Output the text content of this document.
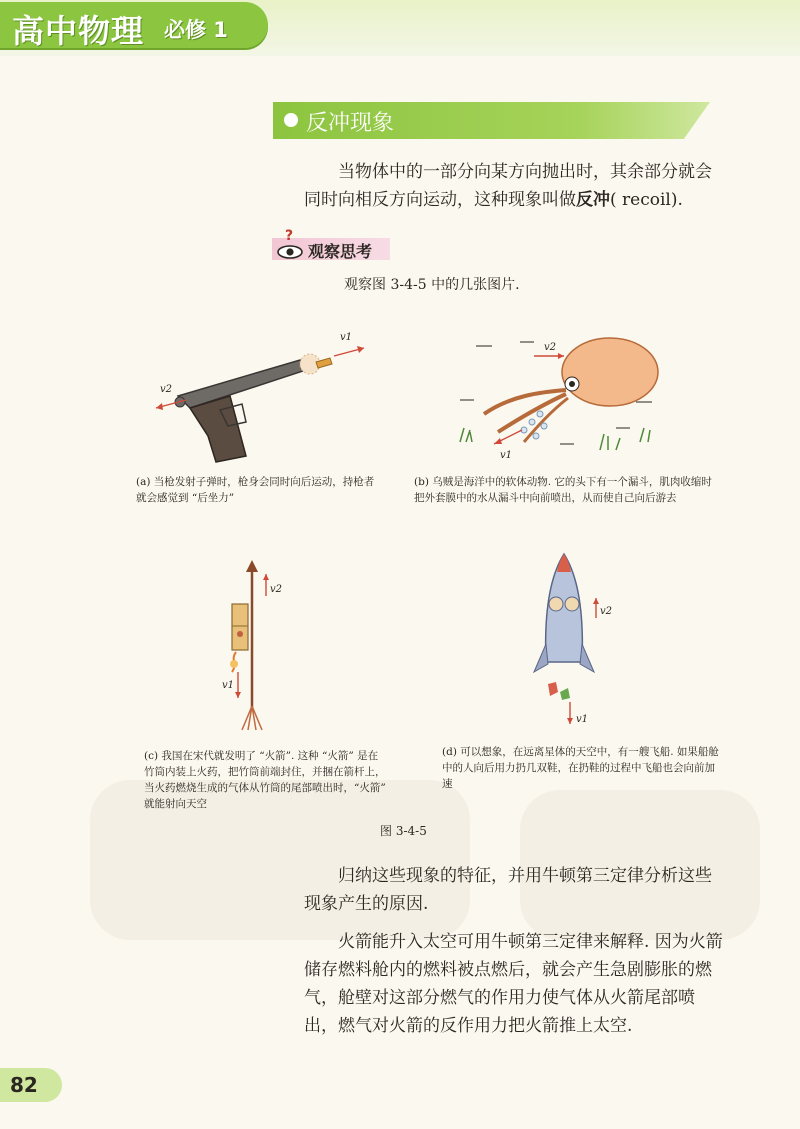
高中物理 必修 1
反冲现象
当物体中的一部分向某方向抛出时，其余部分就会同时向相反方向运动，这种现象叫做反冲( recoil).
?
观察思考
观察图 3-4-5 中的几张图片.
v2
v1
(a) 当枪发射子弹时，枪身会同时向后运动，持枪者就会感觉到 “后坐力”
v2
v1
(b) 乌贼是海洋中的软体动物. 它的头下有一个漏斗，肌肉收缩时把外套膜中的水从漏斗中向前喷出，从而使自己向后游去
v2
v1
(c) 我国在宋代就发明了 “火箭”. 这种 “火箭” 是在竹筒内装上火药，把竹筒前端封住，并捆在箭杆上，当火药燃烧生成的气体从竹筒的尾部喷出时，“火箭” 就能射向天空
v2
v1
(d) 可以想象，在远离星体的天空中，有一艘飞船. 如果船舱中的人向后用力扔几双鞋，在扔鞋的过程中飞船也会向前加速
图 3-4-5
归纳这些现象的特征，并用牛顿第三定律分析这些现象产生的原因.
火箭能升入太空可用牛顿第三定律来解释. 因为火箭储存燃料舱内的燃料被点燃后，就会产生急剧膨胀的燃气，舱壁对这部分燃气的作用力使气体从火箭尾部喷出，燃气对火箭的反作用力把火箭推上太空.
82
